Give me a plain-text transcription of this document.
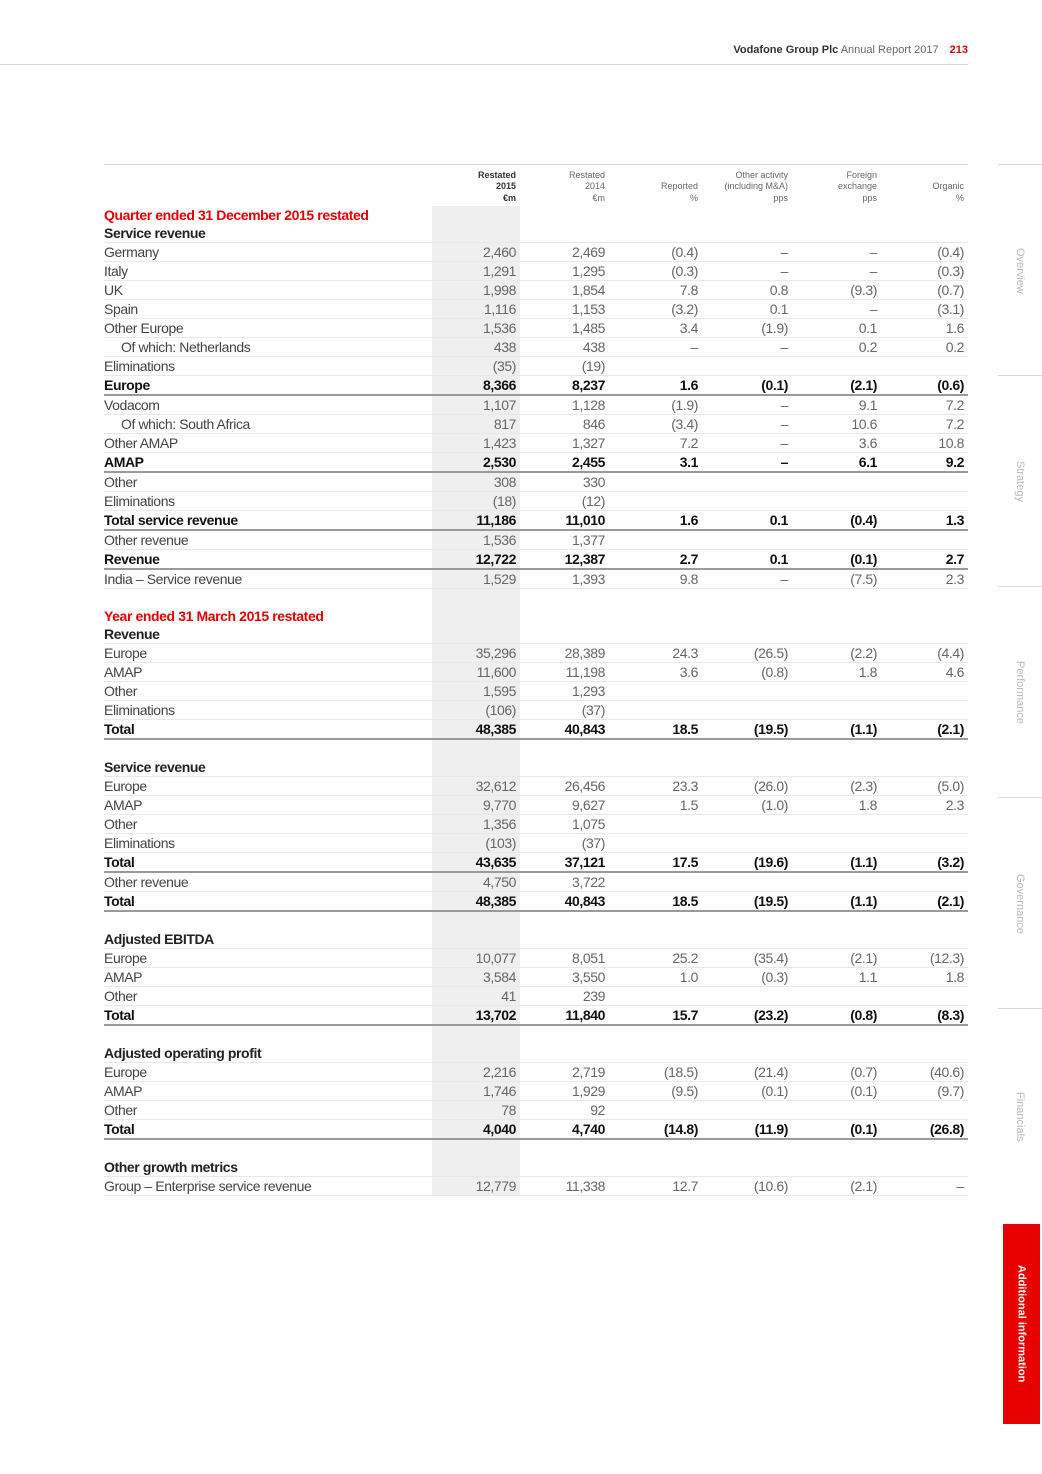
Vodafone Group Plc Annual Report 2017 213
Overview
Strategy
Performance
Governance
Financials
Additional information

	Restated
2015
€m	Restated
2014
€m	Reported
%	Other activity
(including M&A)
pps	Foreign
exchange
pps	Organic
%

Quarter ended 31 December 2015 restated						
Service revenue						
Germany	2,460	2,469	(0.4)	–	–	(0.4)
Italy	1,291	1,295	(0.3)	–	–	(0.3)
UK	1,998	1,854	7.8	0.8	(9.3)	(0.7)
Spain	1,116	1,153	(3.2)	0.1	–	(3.1)
Other Europe	1,536	1,485	3.4	(1.9)	0.1	1.6
Of which: Netherlands	438	438	–	–	0.2	0.2
Eliminations	(35)	(19)				
Europe	8,366	8,237	1.6	(0.1)	(2.1)	(0.6)
Vodacom	1,107	1,128	(1.9)	–	9.1	7.2
Of which: South Africa	817	846	(3.4)	–	10.6	7.2
Other AMAP	1,423	1,327	7.2	–	3.6	10.8
AMAP	2,530	2,455	3.1	–	6.1	9.2
Other	308	330				
Eliminations	(18)	(12)				
Total service revenue	11,186	11,010	1.6	0.1	(0.4)	1.3
Other revenue	1,536	1,377				
Revenue	12,722	12,387	2.7	0.1	(0.1)	2.7
India – Service revenue	1,529	1,393	9.8	–	(7.5)	2.3

Year ended 31 March 2015 restated						
Revenue						
Europe	35,296	28,389	24.3	(26.5)	(2.2)	(4.4)
AMAP	11,600	11,198	3.6	(0.8)	1.8	4.6
Other	1,595	1,293				
Eliminations	(106)	(37)				
Total	48,385	40,843	18.5	(19.5)	(1.1)	(2.1)

Service revenue						
Europe	32,612	26,456	23.3	(26.0)	(2.3)	(5.0)
AMAP	9,770	9,627	1.5	(1.0)	1.8	2.3
Other	1,356	1,075				
Eliminations	(103)	(37)				
Total	43,635	37,121	17.5	(19.6)	(1.1)	(3.2)
Other revenue	4,750	3,722				
Total	48,385	40,843	18.5	(19.5)	(1.1)	(2.1)

Adjusted EBITDA						
Europe	10,077	8,051	25.2	(35.4)	(2.1)	(12.3)
AMAP	3,584	3,550	1.0	(0.3)	1.1	1.8
Other	41	239				
Total	13,702	11,840	15.7	(23.2)	(0.8)	(8.3)

Adjusted operating profit						
Europe	2,216	2,719	(18.5)	(21.4)	(0.7)	(40.6)
AMAP	1,746	1,929	(9.5)	(0.1)	(0.1)	(9.7)
Other	78	92				
Total	4,040	4,740	(14.8)	(11.9)	(0.1)	(26.8)

Other growth metrics						
Group – Enterprise service revenue	12,779	11,338	12.7	(10.6)	(2.1)	–
